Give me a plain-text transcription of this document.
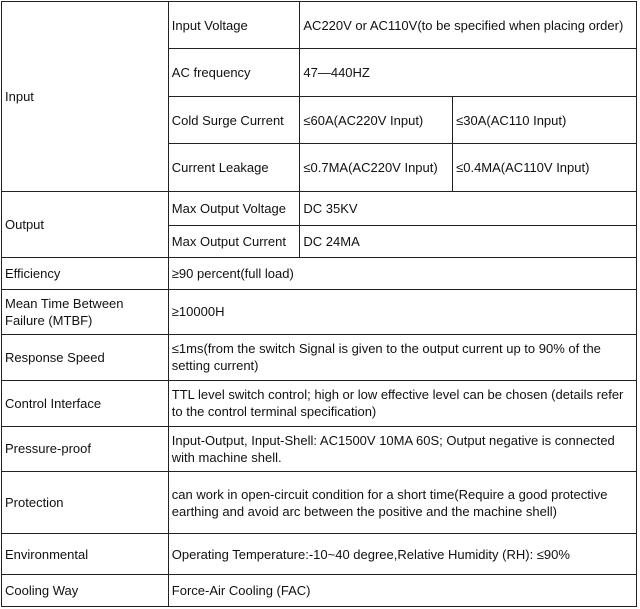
Input	Input Voltage	AC220V or AC110V(to be specified when placing order)	
	AC frequency	47—440HZ	
	Cold Surge Current	≤60A(AC220V Input)	≤30A(AC110 Input)
	Current Leakage	≤0.7MA(AC220V Input)	≤0.4MA(AC110V Input)
Output	Max Output Voltage	DC 35KV	
	Max Output Current	DC 24MA	
Efficiency	≥90 percent(full load)		
Mean Time Between Failure (MTBF)	≥10000H		
Response Speed	≤1ms(from the switch Signal is given to the output current up to 90% of the setting current)		
Control Interface	TTL level switch control; high or low effective level can be chosen (details refer to the control terminal specification)		
Pressure-proof	Input-Output, Input-Shell: AC1500V 10MA 60S; Output negative is connected with machine shell.		
Protection	can work in open-circuit condition for a short time(Require a good protective earthing and avoid arc between the positive and the machine shell)		
Environmental	Operating Temperature:-10~40 degree,Relative Humidity (RH): ≤90%		
Cooling Way	Force-Air Cooling (FAC)		
